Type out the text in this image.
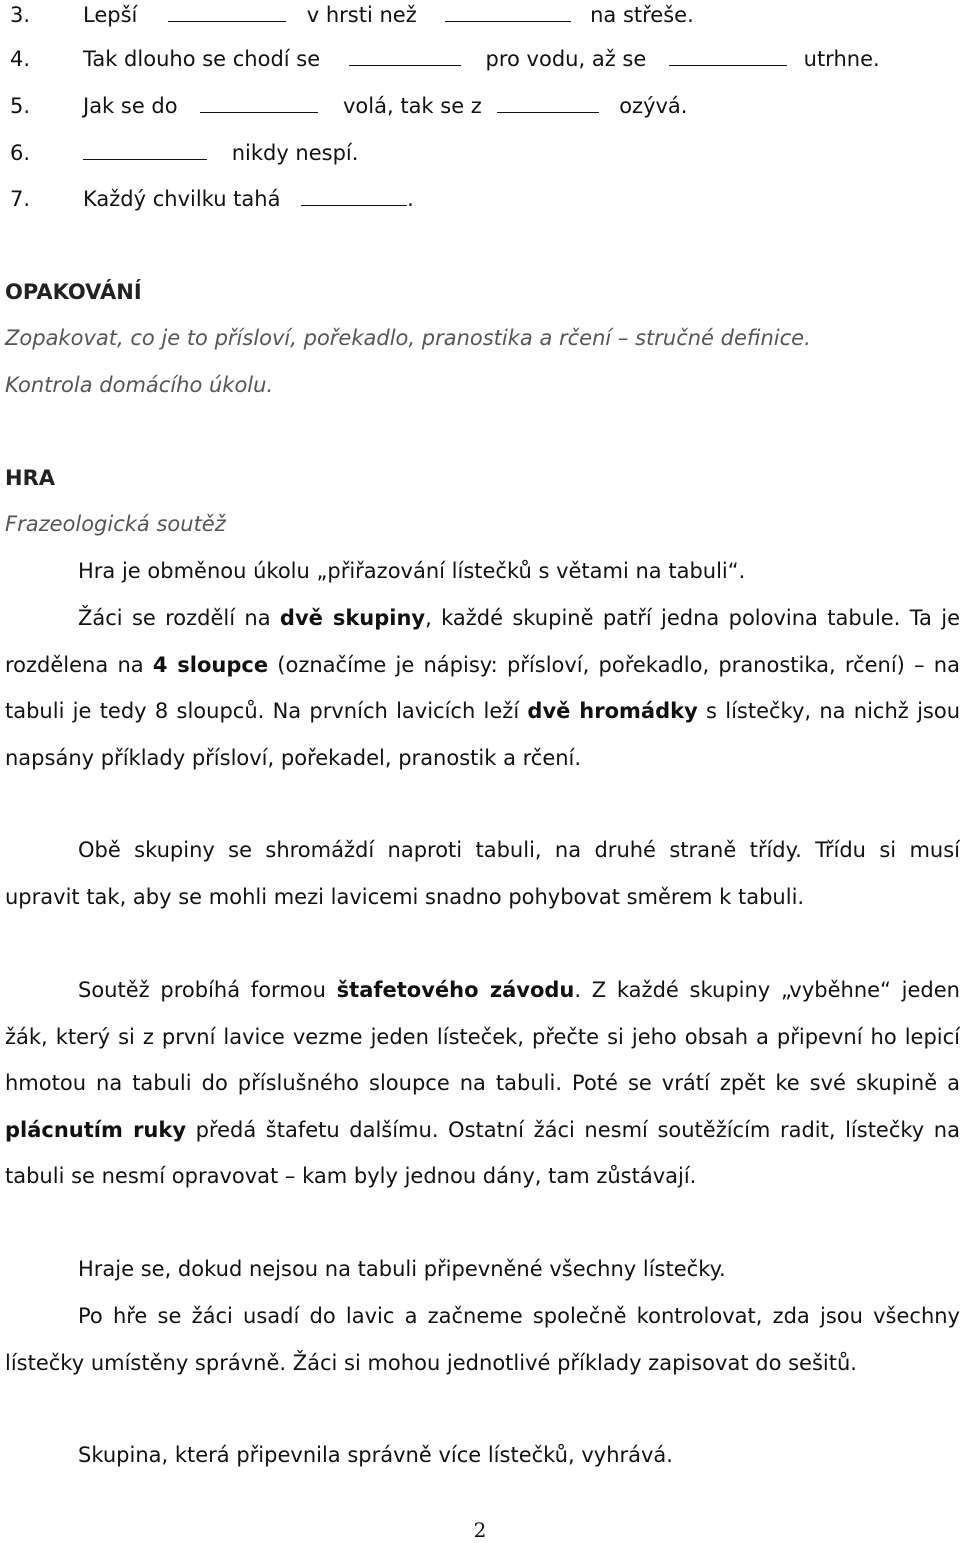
3.	Lepší	v hrsti než	na střeše.
4.	Tak dlouho se chodí se	pro vodu, až se	utrhne.
5.	Jak se do	volá, tak se z	ozývá.
6.	nikdy nespí.
7.	Každý chvilku tahá	.
OPAKOVÁNÍ
Zopakovat, co je to přísloví, pořekadlo, pranostika a rčení – stručné definice.
Kontrola domácího úkolu.
HRA
Frazeologická soutěž
Hra je obměnou úkolu „přiřazování lístečků s větami na tabuli“.
Žáci se rozdělí na dvě skupiny, každé skupině patří jedna polovina tabule. Ta je rozdělena na 4 sloupce (označíme je nápisy: přísloví, pořekadlo, pranostika, rčení) – na tabuli je tedy 8 sloupců. Na prvních lavicích leží dvě hromádky s lístečky, na nichž jsou napsány příklady přísloví, pořekadel, pranostik a rčení.
Obě skupiny se shromáždí naproti tabuli, na druhé straně třídy. Třídu si musí upravit tak, aby se mohli mezi lavicemi snadno pohybovat směrem k tabuli.
Soutěž probíhá formou štafetového závodu. Z každé skupiny „vyběhne“ jeden žák, který si z první lavice vezme jeden lísteček, přečte si jeho obsah a připevní ho lepicí hmotou na tabuli do příslušného sloupce na tabuli. Poté se vrátí zpět ke své skupině a plácnutím ruky předá štafetu dalšímu. Ostatní žáci nesmí soutěžícím radit, lístečky na tabuli se nesmí opravovat – kam byly jednou dány, tam zůstávají.
Hraje se, dokud nejsou na tabuli připevněné všechny lístečky.
Po hře se žáci usadí do lavic a začneme společně kontrolovat, zda jsou všechny lístečky umístěny správně. Žáci si mohou jednotlivé příklady zapisovat do sešitů.
Skupina, která připevnila správně více lístečků, vyhrává.
2
